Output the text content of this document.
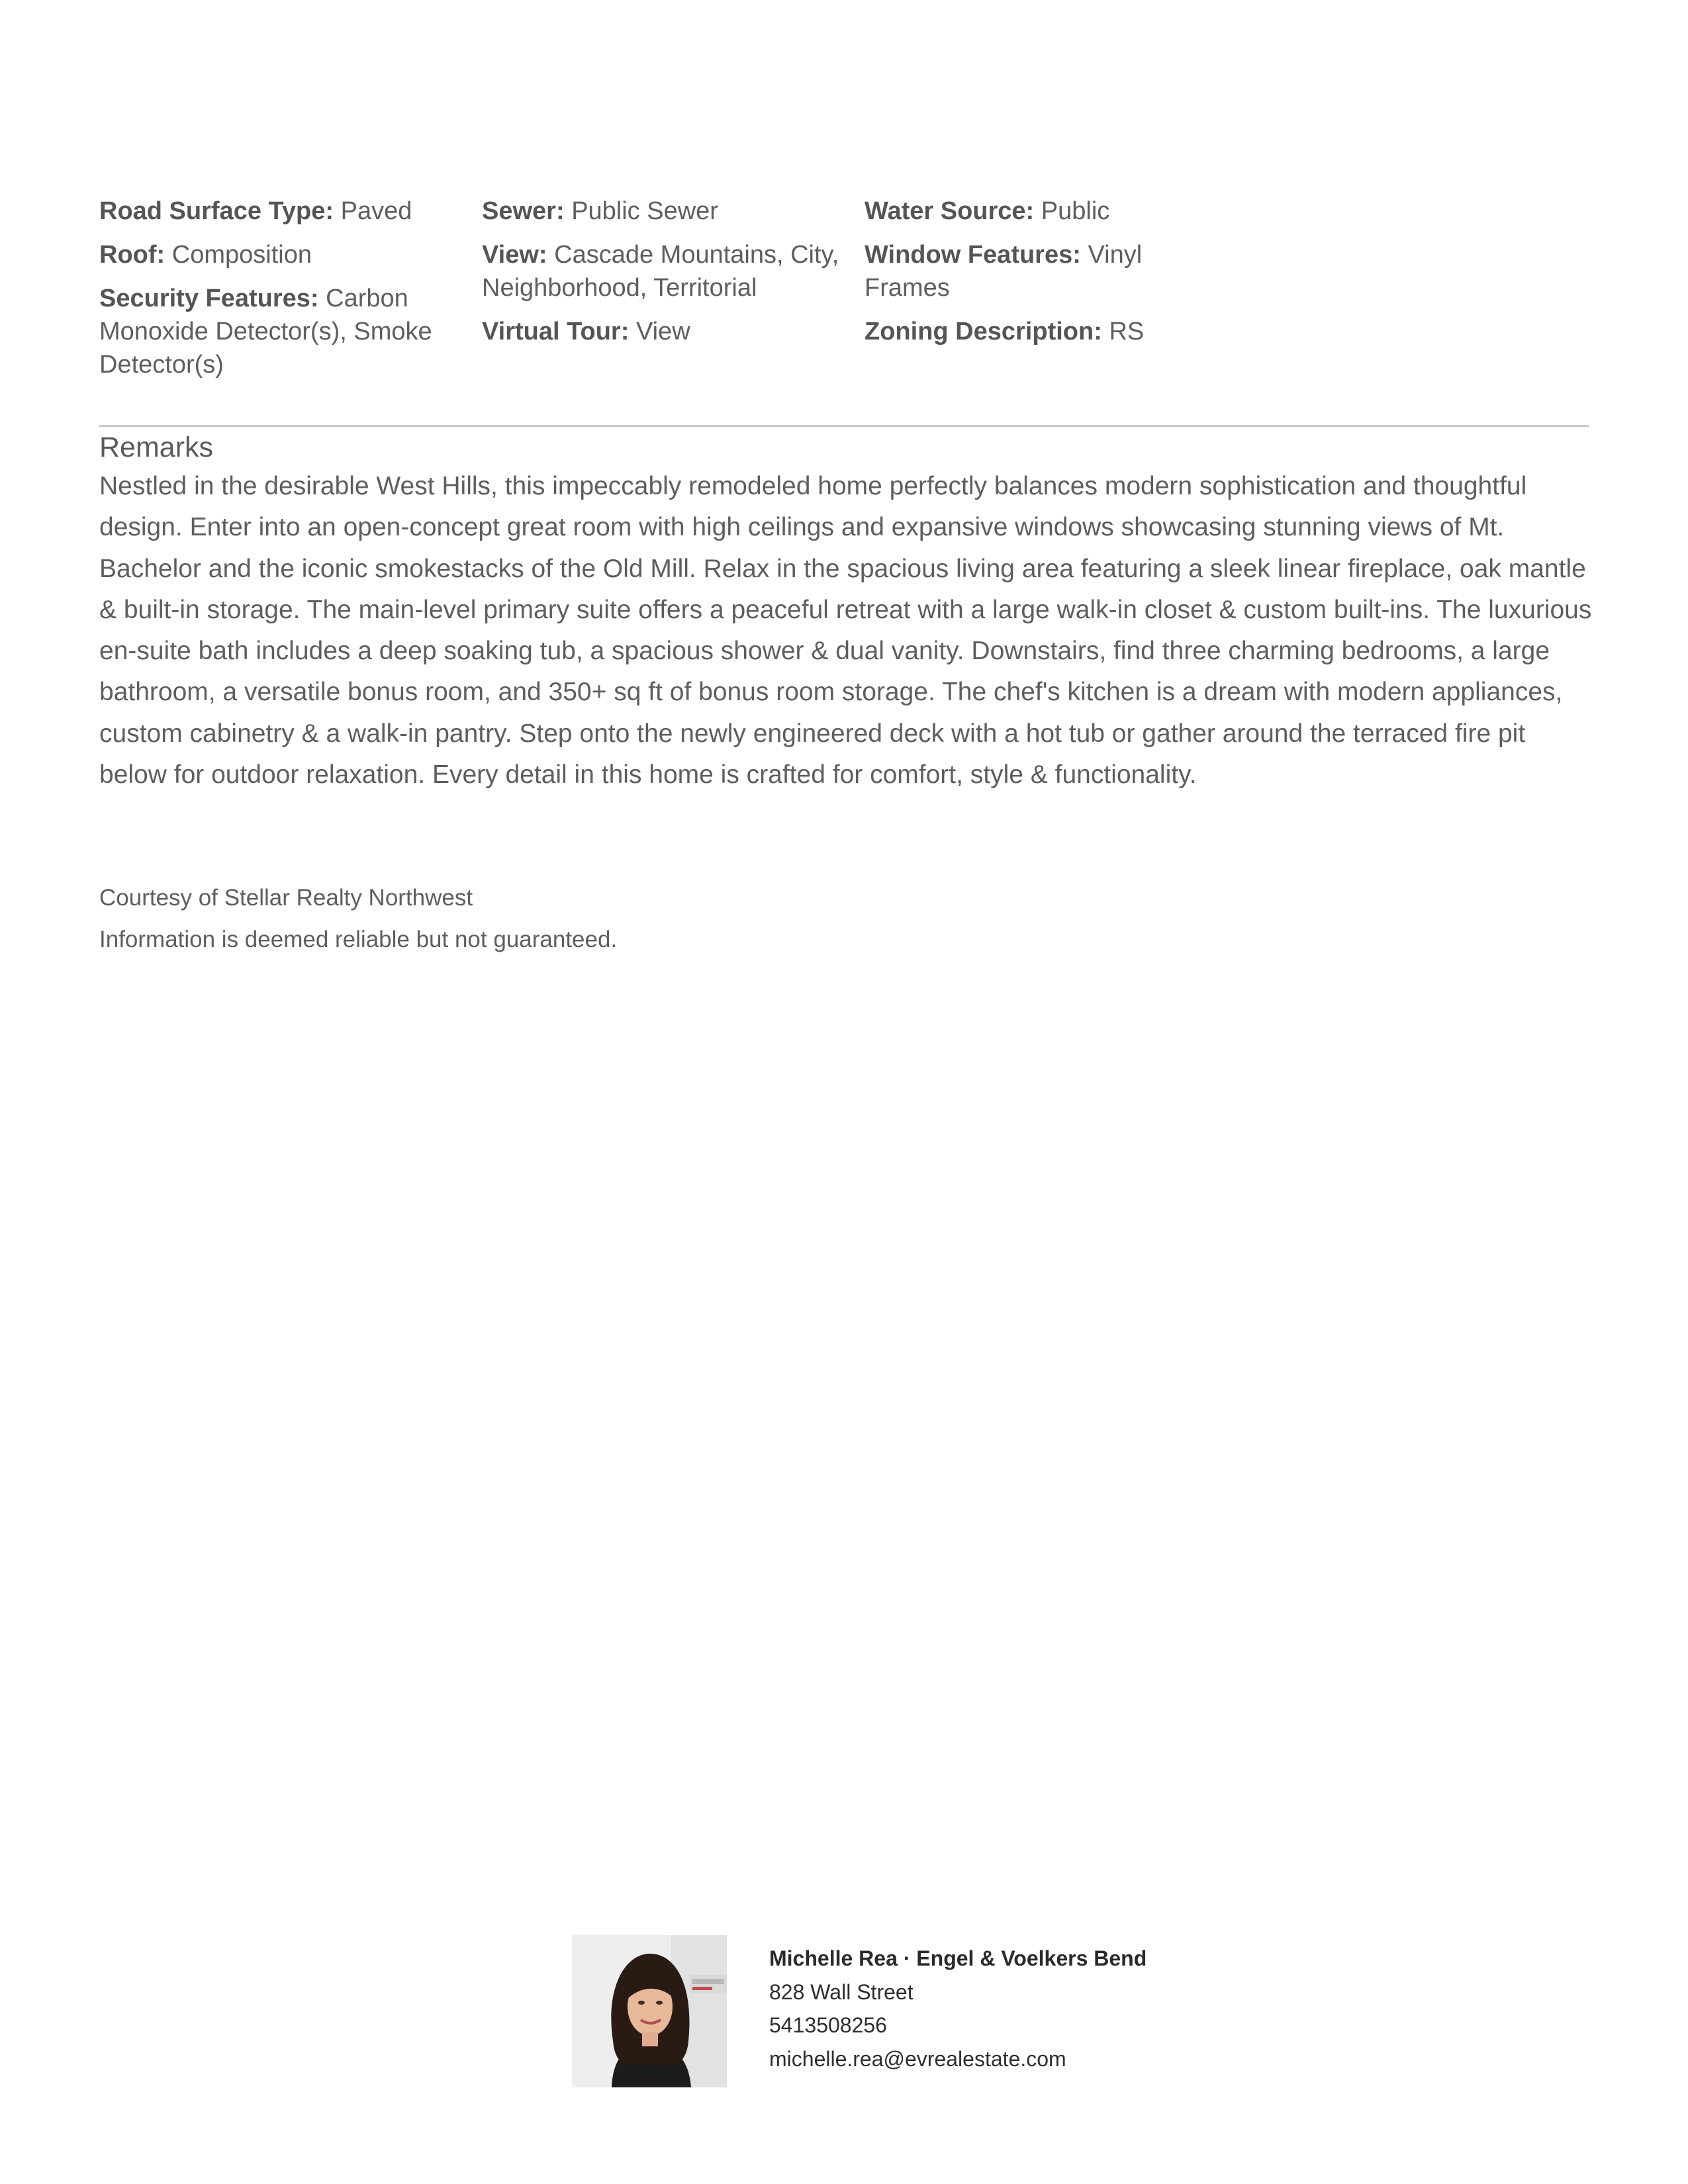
Road Surface Type: Paved
Roof: Composition
Security Features: Carbon Monoxide Detector(s), Smoke Detector(s)
Sewer: Public Sewer
View: Cascade Mountains, City, Neighborhood, Territorial
Virtual Tour: View
Water Source: Public
Window Features: Vinyl Frames
Zoning Description: RS
Remarks
Nestled in the desirable West Hills, this impeccably remodeled home perfectly balances modern sophistication and thoughtful design. Enter into an open-concept great room with high ceilings and expansive windows showcasing stunning views of Mt. Bachelor and the iconic smokestacks of the Old Mill. Relax in the spacious living area featuring a sleek linear fireplace, oak mantle & built-in storage. The main-level primary suite offers a peaceful retreat with a large walk-in closet & custom built-ins. The luxurious en-suite bath includes a deep soaking tub, a spacious shower & dual vanity. Downstairs, find three charming bedrooms, a large bathroom, a versatile bonus room, and 350+ sq ft of bonus room storage. The chef's kitchen is a dream with modern appliances, custom cabinetry & a walk-in pantry. Step onto the newly engineered deck with a hot tub or gather around the terraced fire pit below for outdoor relaxation. Every detail in this home is crafted for comfort, style & functionality.
Courtesy of Stellar Realty Northwest
Information is deemed reliable but not guaranteed.
Michelle Rea · Engel & Voelkers Bend
828 Wall Street
5413508256
michelle.rea@evrealestate.com
